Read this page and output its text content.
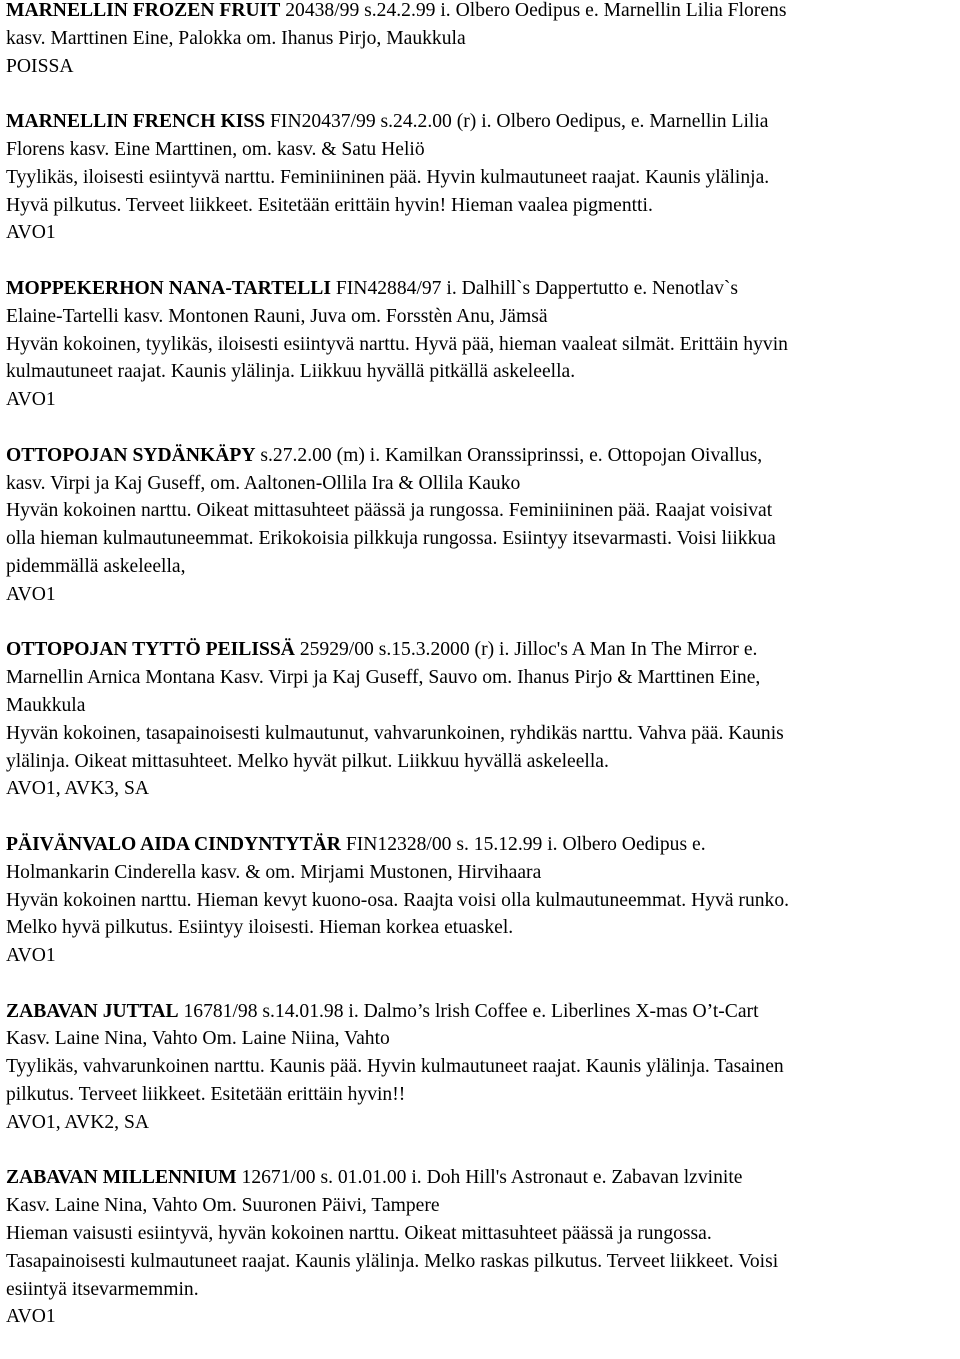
MARNELLIN FROZEN FRUIT 20438/99 s.24.2.99 i. Olbero Oedipus e. Marnellin Lilia Florens
kasv. Marttinen Eine, Palokka om. Ihanus Pirjo, Maukkula
POISSA
MARNELLIN FRENCH KISS FIN20437/99 s.24.2.00 (r) i. Olbero Oedipus, e. Marnellin Lilia
Florens kasv. Eine Marttinen, om. kasv. & Satu Heliö
Tyylikäs, iloisesti esiintyvä narttu. Feminiininen pää. Hyvin kulmautuneet raajat. Kaunis ylälinja.
Hyvä pilkutus. Terveet liikkeet. Esitetään erittäin hyvin! Hieman vaalea pigmentti.
AVO1
MOPPEKERHON NANA-TARTELLI FIN42884/97 i. Dalhill`s Dappertutto e. Nenotlav`s
Elaine-Tartelli kasv. Montonen Rauni, Juva om. Forsstèn Anu, Jämsä
Hyvän kokoinen, tyylikäs, iloisesti esiintyvä narttu. Hyvä pää, hieman vaaleat silmät. Erittäin hyvin
kulmautuneet raajat. Kaunis ylälinja. Liikkuu hyvällä pitkällä askeleella.
AVO1
OTTOPOJAN SYDÄNKÄPY s.27.2.00 (m) i. Kamilkan Oranssiprinssi, e. Ottopojan Oivallus,
kasv. Virpi ja Kaj Guseff, om. Aaltonen-Ollila Ira & Ollila Kauko
Hyvän kokoinen narttu. Oikeat mittasuhteet päässä ja rungossa. Feminiininen pää. Raajat voisivat
olla hieman kulmautuneemmat. Erikokoisia pilkkuja rungossa. Esiintyy itsevarmasti. Voisi liikkua
pidemmällä askeleella,
AVO1
OTTOPOJAN TYTTÖ PEILISSÄ 25929/00 s.15.3.2000 (r) i. Jilloc's A Man In The Mirror e.
Marnellin Arnica Montana Kasv. Virpi ja Kaj Guseff, Sauvo om. Ihanus Pirjo & Marttinen Eine,
Maukkula
Hyvän kokoinen, tasapainoisesti kulmautunut, vahvarunkoinen, ryhdikäs narttu. Vahva pää. Kaunis
ylälinja. Oikeat mittasuhteet. Melko hyvät pilkut. Liikkuu hyvällä askeleella.
AVO1, AVK3, SA
PÄIVÄNVALO AIDA CINDYNTYTÄR FIN12328/00 s. 15.12.99 i. Olbero Oedipus e.
Holmankarin Cinderella kasv. & om. Mirjami Mustonen, Hirvihaara
Hyvän kokoinen narttu. Hieman kevyt kuono-osa. Raajta voisi olla kulmautuneemmat. Hyvä runko.
Melko hyvä pilkutus. Esiintyy iloisesti. Hieman korkea etuaskel.
AVO1
ZABAVAN JUTTAL 16781/98 s.14.01.98 i. Dalmo’s lrish Coffee e. Liberlines X-mas O’t-Cart
Kasv. Laine Nina, Vahto Om. Laine Niina, Vahto
Tyylikäs, vahvarunkoinen narttu. Kaunis pää. Hyvin kulmautuneet raajat. Kaunis ylälinja. Tasainen
pilkutus. Terveet liikkeet. Esitetään erittäin hyvin!!
AVO1, AVK2, SA
ZABAVAN MILLENNIUM 12671/00 s. 01.01.00 i. Doh Hill's Astronaut e. Zabavan lzvinite
Kasv. Laine Nina, Vahto Om. Suuronen Päivi, Tampere
Hieman vaisusti esiintyvä, hyvän kokoinen narttu. Oikeat mittasuhteet päässä ja rungossa.
Tasapainoisesti kulmautuneet raajat. Kaunis ylälinja. Melko raskas pilkutus. Terveet liikkeet. Voisi
esiintyä itsevarmemmin.
AVO1
